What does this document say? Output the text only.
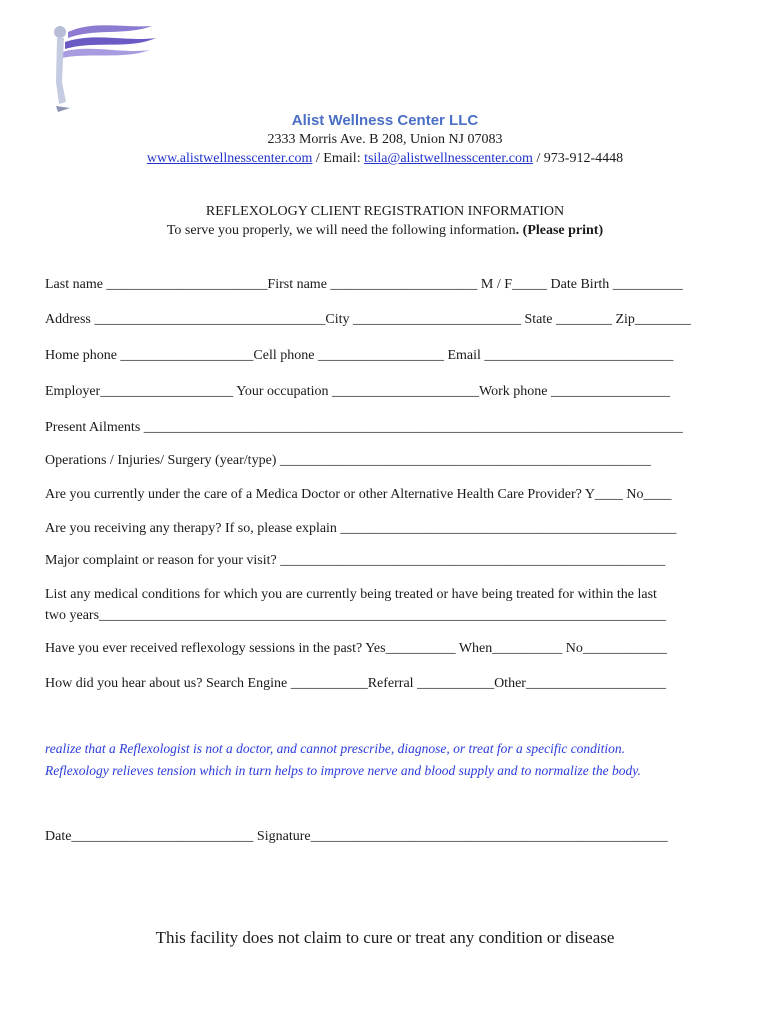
Alist Wellness Center LLC
2333 Morris Ave. B 208, Union NJ 07083
www.alistwellnesscenter.com / Email: tsila@alistwellnesscenter.com / 973-912-4448
REFLEXOLOGY CLIENT REGISTRATION INFORMATION
To serve you properly, we will need the following information. (Please print)
Last name _______________________First name _____________________ M / F_____ Date Birth __________
Address _________________________________City ________________________ State ________ Zip________
Home phone ___________________Cell phone __________________ Email ___________________________
Employer___________________ Your occupation _____________________Work phone _________________
Present Ailments _____________________________________________________________________________
Operations / Injuries/ Surgery (year/type) _____________________________________________________
Are you currently under the care of a Medica Doctor or other Alternative Health Care Provider? Y____ No____
Are you receiving any therapy? If so, please explain ________________________________________________
Major complaint or reason for your visit? _______________________________________________________
List any medical conditions for which you are currently being treated or have being treated for within the last
two years_________________________________________________________________________________
Have you ever received reflexology sessions in the past? Yes__________ When__________ No____________
How did you hear about us? Search Engine ___________Referral ___________Other____________________
realize that a Reflexologist is not a doctor, and cannot prescribe, diagnose, or treat for a specific condition.
Reflexology relieves tension which in turn helps to improve nerve and blood supply and to normalize the body.
Date__________________________ Signature___________________________________________________
This facility does not claim to cure or treat any condition or disease
